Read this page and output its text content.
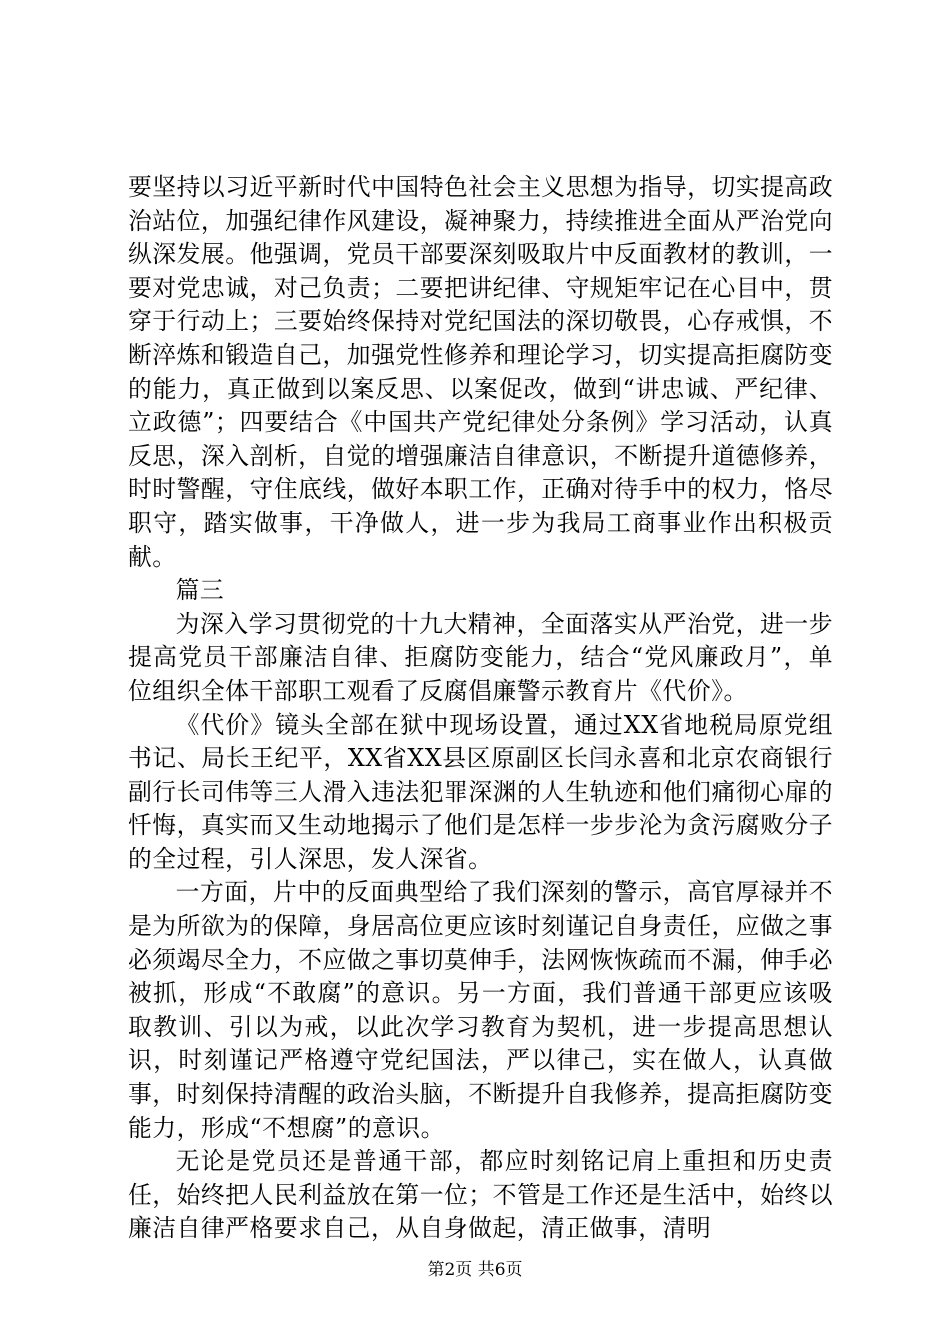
要坚持以习近平新时代中国特色社会主义思想为指导，切实提高政治站位，加强纪律作风建设，凝神聚力，持续推进全面从严治党向纵深发展。他强调，党员干部要深刻吸取片中反面教材的教训，一要对党忠诚，对己负责；二要把讲纪律、守规矩牢记在心目中，贯穿于行动上；三要始终保持对党纪国法的深切敬畏，心存戒惧，不断淬炼和锻造自己，加强党性修养和理论学习，切实提高拒腐防变的能力，真正做到以案反思、以案促改，做到“讲忠诚、严纪律、立政德”；四要结合《中国共产党纪律处分条例》学习活动，认真反思，深入剖析，自觉的增强廉洁自律意识，不断提升道德修养，时时警醒，守住底线，做好本职工作，正确对待手中的权力，恪尽职守，踏实做事，干净做人，进一步为我局工商事业作出积极贡献。

篇三

为深入学习贯彻党的十九大精神，全面落实从严治党，进一步提高党员干部廉洁自律、拒腐防变能力，结合“党风廉政月”，单位组织全体干部职工观看了反腐倡廉警示教育片《代价》。

《代价》镜头全部在狱中现场设置，通过XX省地税局原党组书记、局长王纪平，XX省XX县区原副区长闫永喜和北京农商银行副行长司伟等三人滑入违法犯罪深渊的人生轨迹和他们痛彻心扉的忏悔，真实而又生动地揭示了他们是怎样一步步沦为贪污腐败分子的全过程，引人深思，发人深省。

一方面，片中的反面典型给了我们深刻的警示，高官厚禄并不是为所欲为的保障，身居高位更应该时刻谨记自身责任，应做之事必须竭尽全力，不应做之事切莫伸手，法网恢恢疏而不漏，伸手必被抓，形成“不敢腐”的意识。另一方面，我们普通干部更应该吸取教训、引以为戒，以此次学习教育为契机，进一步提高思想认识，时刻谨记严格遵守党纪国法，严以律己，实在做人，认真做事，时刻保持清醒的政治头脑，不断提升自我修养，提高拒腐防变能力，形成“不想腐”的意识。

无论是党员还是普通干部，都应时刻铭记肩上重担和历史责任，始终把人民利益放在第一位；不管是工作还是生活中，始终以廉洁自律严格要求自己，从自身做起，清正做事，清明

第2页 共6页
